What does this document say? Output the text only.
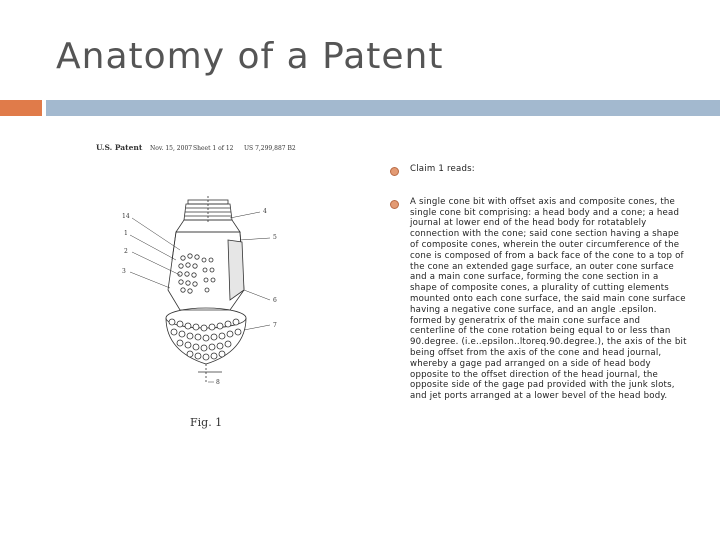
Anatomy of a Patent
U.S. Patent Nov. 15, 2007 Sheet 1 of 12 US 7,299,887 B2
14
1
2
3
4
5
6
7
8
Fig. 1
Claim 1 reads:
A single cone bit with offset axis and composite cones, the single cone bit comprising: a head body and a cone; a head journal at lower end of the head body for rotatablely connection with the cone; said cone section having a shape of composite cones, wherein the outer circumference of the cone is composed of from a back face of the cone to a top of the cone an extended gage surface, an outer cone surface and a main cone surface, forming the cone section in a shape of composite cones, a plurality of cutting elements mounted onto each cone surface, the said main cone surface having a negative cone surface, and an angle .epsilon. formed by generatrix of the main cone surface and centerline of the cone rotation being equal to or less than 90.degree. (i.e..epsilon..ltoreq.90.degree.), the axis of the bit being offset from the axis of the cone and head journal, whereby a gage pad arranged on a side of head body opposite to the offset direction of the head journal, the opposite side of the gage pad provided with the junk slots, and jet ports arranged at a lower bevel of the head body.
